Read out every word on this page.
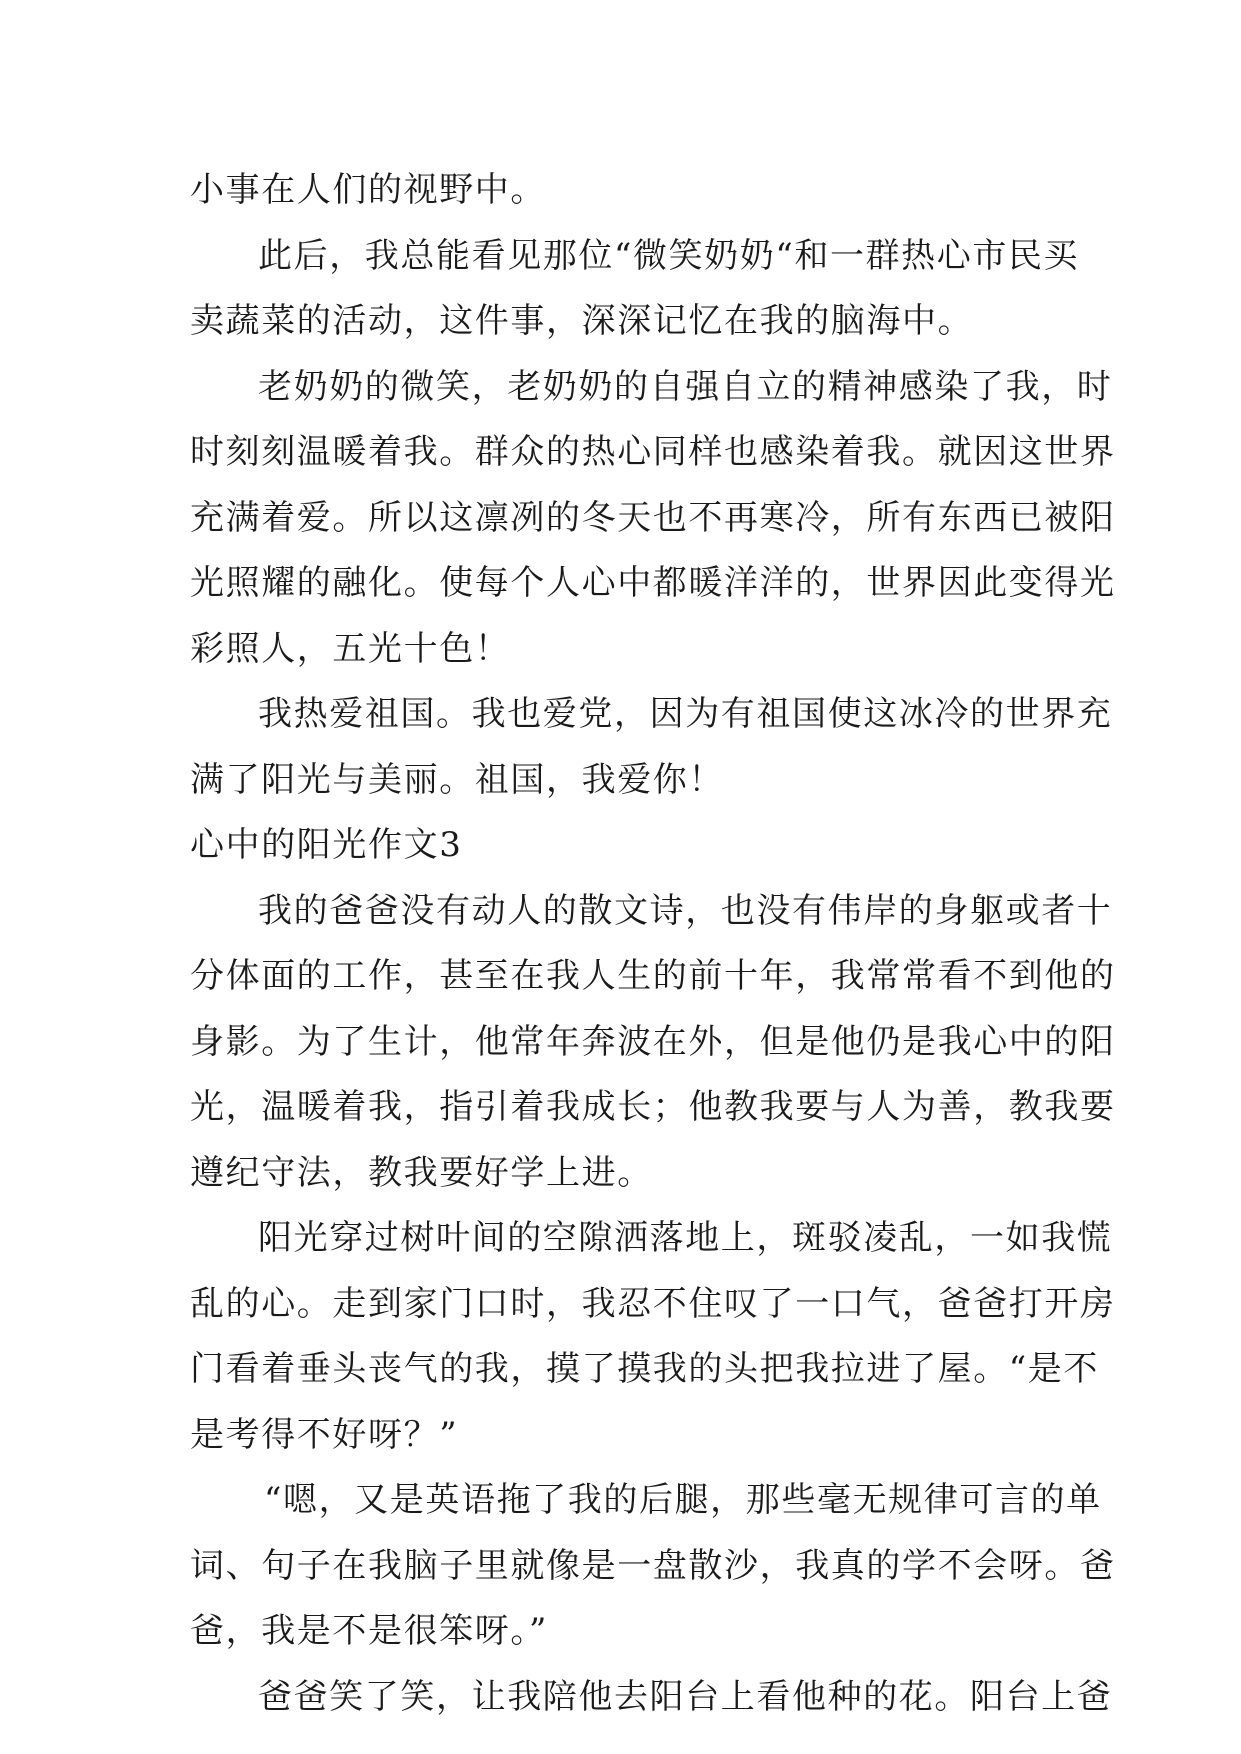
小事在人们的视野中。
此后，我总能看见那位“微笑奶奶“和一群热心市民买
卖蔬菜的活动，这件事，深深记忆在我的脑海中。
老奶奶的微笑，老奶奶的自强自立的精神感染了我，时
时刻刻温暖着我。群众的热心同样也感染着我。就因这世界
充满着爱。所以这凛冽的冬天也不再寒冷，所有东西已被阳
光照耀的融化。使每个人心中都暖洋洋的，世界因此变得光
彩照人，五光十色！
我热爱祖国。我也爱党，因为有祖国使这冰冷的世界充
满了阳光与美丽。祖国，我爱你！
心中的阳光作文3
我的爸爸没有动人的散文诗，也没有伟岸的身躯或者十
分体面的工作，甚至在我人生的前十年，我常常看不到他的
身影。为了生计，他常年奔波在外，但是他仍是我心中的阳
光，温暖着我，指引着我成长；他教我要与人为善，教我要
遵纪守法，教我要好学上进。
阳光穿过树叶间的空隙洒落地上，斑驳凌乱，一如我慌
乱的心。走到家门口时，我忍不住叹了一口气，爸爸打开房
门看着垂头丧气的我，摸了摸我的头把我拉进了屋。“是不
是考得不好呀？”
“嗯，又是英语拖了我的后腿，那些毫无规律可言的单
词、句子在我脑子里就像是一盘散沙，我真的学不会呀。爸
爸，我是不是很笨呀。”
爸爸笑了笑，让我陪他去阳台上看他种的花。阳台上爸
